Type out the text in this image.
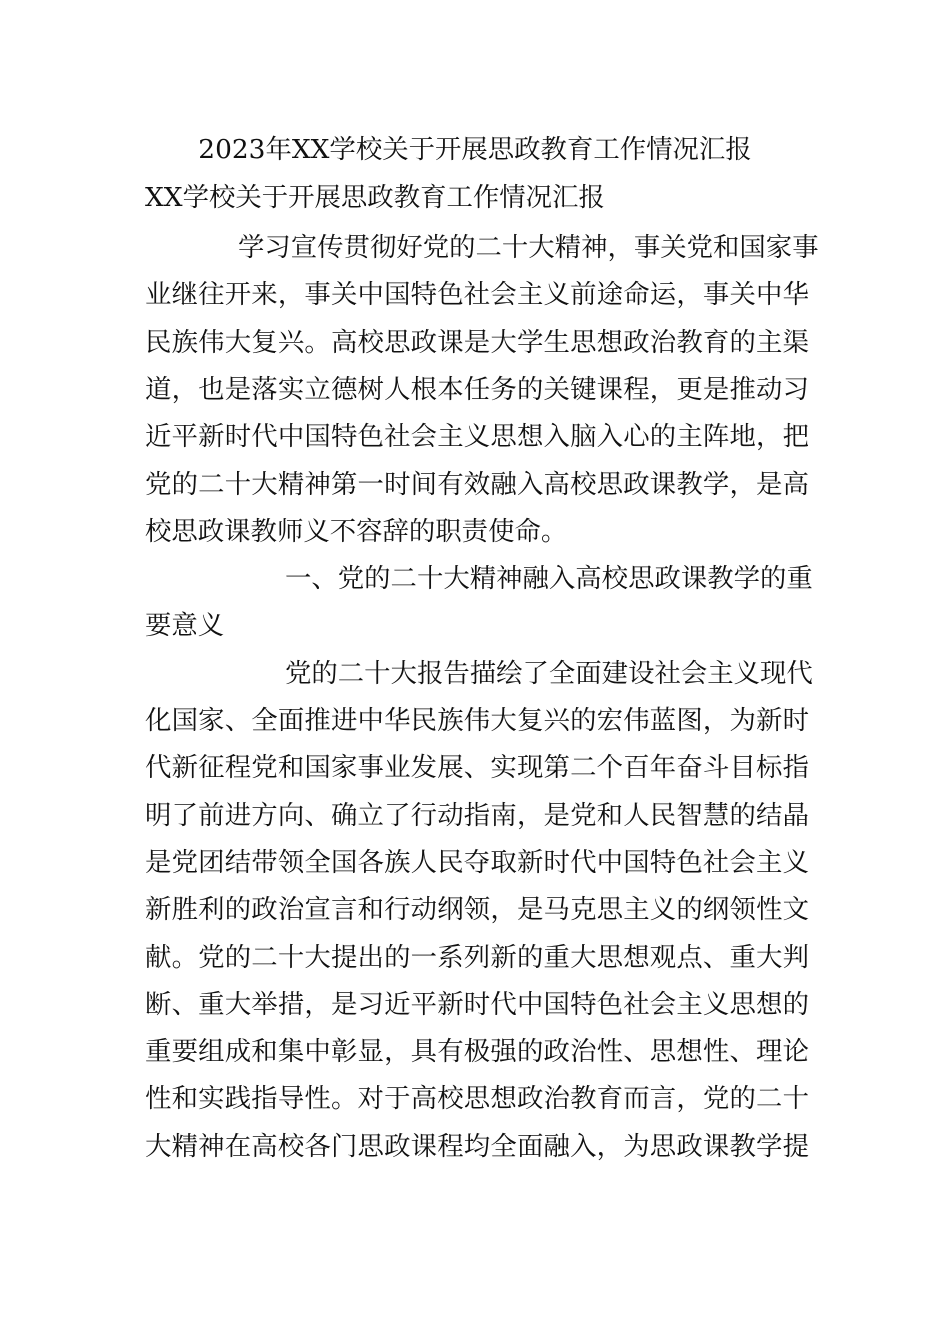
2023年XX学校关于开展思政教育工作情况汇报
XX学校关于开展思政教育工作情况汇报
学习宣传贯彻好党的二十大精神，事关党和国家事
业继往开来，事关中国特色社会主义前途命运，事关中华
民族伟大复兴。高校思政课是大学生思想政治教育的主渠
道，也是落实立德树人根本任务的关键课程，更是推动习
近平新时代中国特色社会主义思想入脑入心的主阵地，把
党的二十大精神第一时间有效融入高校思政课教学，是高
校思政课教师义不容辞的职责使命。
一、党的二十大精神融入高校思政课教学的重
要意义
党的二十大报告描绘了全面建设社会主义现代
化国家、全面推进中华民族伟大复兴的宏伟蓝图，为新时
代新征程党和国家事业发展、实现第二个百年奋斗目标指
明了前进方向、确立了行动指南，是党和人民智慧的结晶
是党团结带领全国各族人民夺取新时代中国特色社会主义
新胜利的政治宣言和行动纲领，是马克思主义的纲领性文
献。党的二十大提出的一系列新的重大思想观点、重大判
断、重大举措，是习近平新时代中国特色社会主义思想的
重要组成和集中彰显，具有极强的政治性、思想性、理论
性和实践指导性。对于高校思想政治教育而言，党的二十
大精神在高校各门思政课程均全面融入，为思政课教学提
